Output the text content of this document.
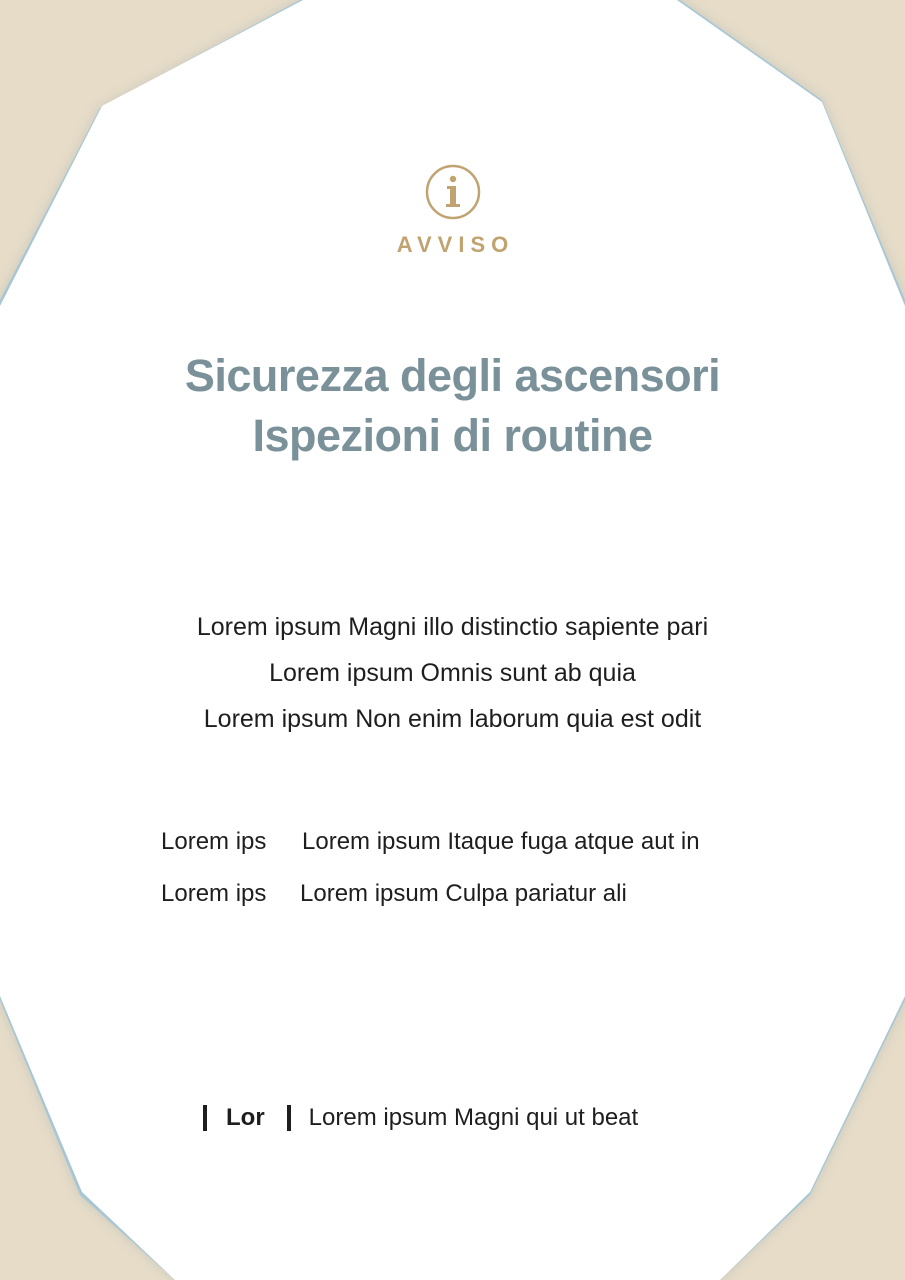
AVVISO
Sicurezza degli ascensori
Ispezioni di routine
Lorem ipsum Magni illo distinctio sapiente pari
Lorem ipsum Omnis sunt ab quia
Lorem ipsum Non enim laborum quia est odit
Lorem ips	Lorem ipsum Itaque fuga atque aut in
Lorem ips	Lorem ipsum Culpa pariatur ali
Lor Lorem ipsum Magni qui ut beat
